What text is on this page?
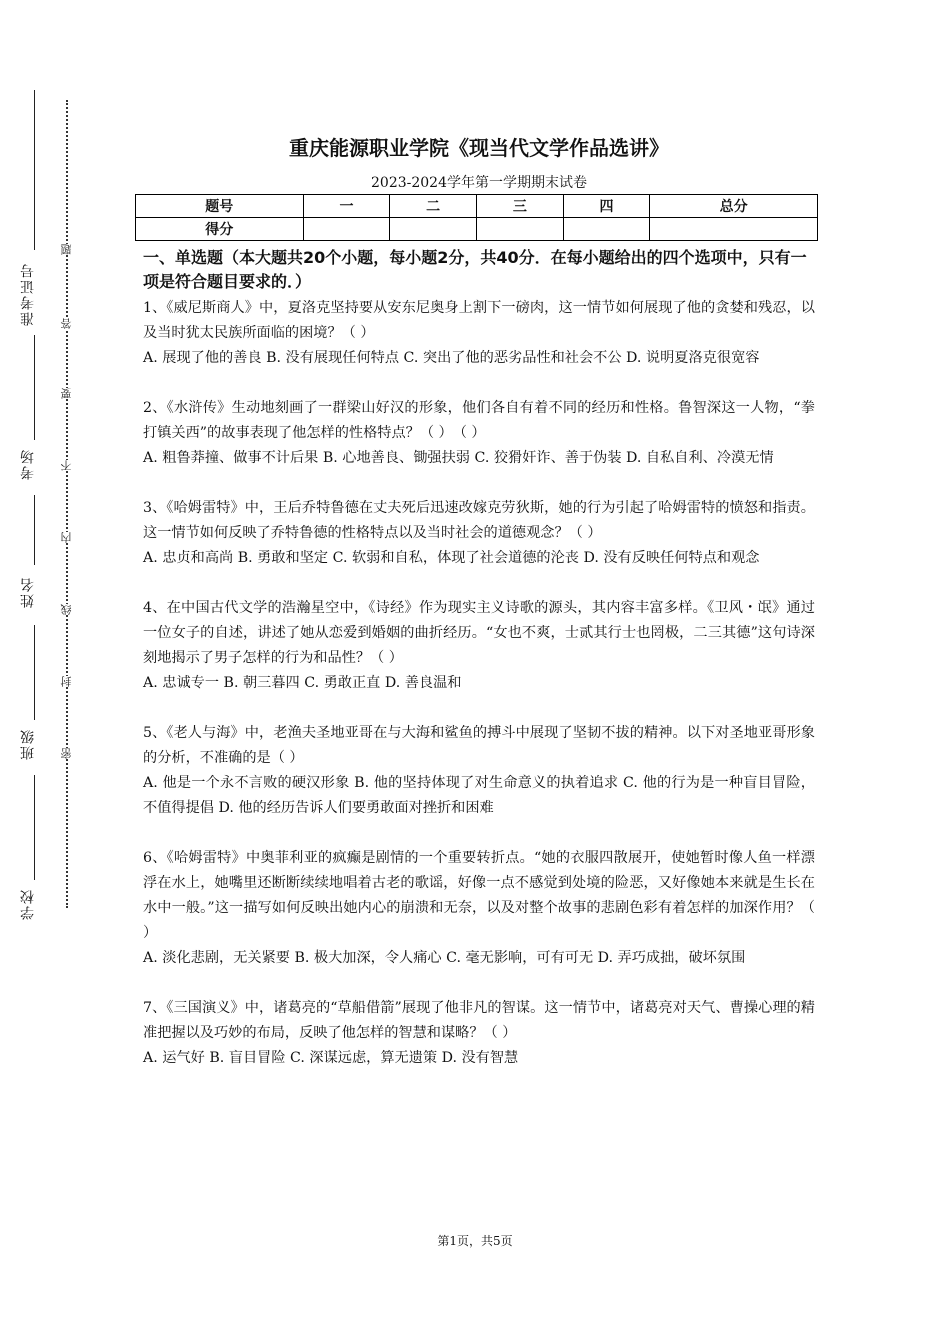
准考证号
考场
姓名
班级
学校
题
答
要
不
内
线
封
密
重庆能源职业学院《现当代文学作品选讲》
2023-2024学年第一学期期末试卷
题号	一	二	三	四	总分
得分					
一、单选题（本大题共20个小题，每小题2分，共40分．在每小题给出的四个选项中，只有一项是符合题目要求的．）

1、《威尼斯商人》中，夏洛克坚持要从安东尼奥身上割下一磅肉，这一情节如何展现了他的贪婪和残忍，以及当时犹太民族所面临的困境？（ ）

A. 展现了他的善良 B. 没有展现任何特点 C. 突出了他的恶劣品性和社会不公 D. 说明夏洛克很宽容

2、《水浒传》生动地刻画了一群梁山好汉的形象，他们各自有着不同的经历和性格。鲁智深这一人物，“拳打镇关西”的故事表现了他怎样的性格特点？（ ）　（ ）

A. 粗鲁莽撞、做事不计后果 B. 心地善良、锄强扶弱 C. 狡猾奸诈、善于伪装 D. 自私自利、冷漠无情

3、《哈姆雷特》中，王后乔特鲁德在丈夫死后迅速改嫁克劳狄斯，她的行为引起了哈姆雷特的愤怒和指责。这一情节如何反映了乔特鲁德的性格特点以及当时社会的道德观念？（ ）

A. 忠贞和高尚 B. 勇敢和坚定 C. 软弱和自私，体现了社会道德的沦丧 D. 没有反映任何特点和观念

4、在中国古代文学的浩瀚星空中，《诗经》作为现实主义诗歌的源头，其内容丰富多样。《卫风・氓》通过一位女子的自述，讲述了她从恋爱到婚姻的曲折经历。“女也不爽，士贰其行士也罔极，二三其德”这句诗深刻地揭示了男子怎样的行为和品性？（ ）

A. 忠诚专一 B. 朝三暮四 C. 勇敢正直 D. 善良温和

5、《老人与海》中，老渔夫圣地亚哥在与大海和鲨鱼的搏斗中展现了坚韧不拔的精神。以下对圣地亚哥形象的分析，不准确的是（ ）

A. 他是一个永不言败的硬汉形象 B. 他的坚持体现了对生命意义的执着追求 C. 他的行为是一种盲目冒险，不值得提倡 D. 他的经历告诉人们要勇敢面对挫折和困难

6、《哈姆雷特》中奥菲利亚的疯癫是剧情的一个重要转折点。“她的衣服四散展开，使她暂时像人鱼一样漂浮在水上，她嘴里还断断续续地唱着古老的歌谣，好像一点不感觉到处境的险恶，又好像她本来就是生长在水中一般。”这一描写如何反映出她内心的崩溃和无奈，以及对整个故事的悲剧色彩有着怎样的加深作用？（ ）

A. 淡化悲剧，无关紧要 B. 极大加深，令人痛心 C. 毫无影响，可有可无 D. 弄巧成拙，破坏氛围

7、《三国演义》中，诸葛亮的“草船借箭”展现了他非凡的智谋。这一情节中，诸葛亮对天气、曹操心理的精准把握以及巧妙的布局，反映了他怎样的智慧和谋略？（ ）

A. 运气好 B. 盲目冒险 C. 深谋远虑，算无遗策 D. 没有智慧

第1页，共5页
